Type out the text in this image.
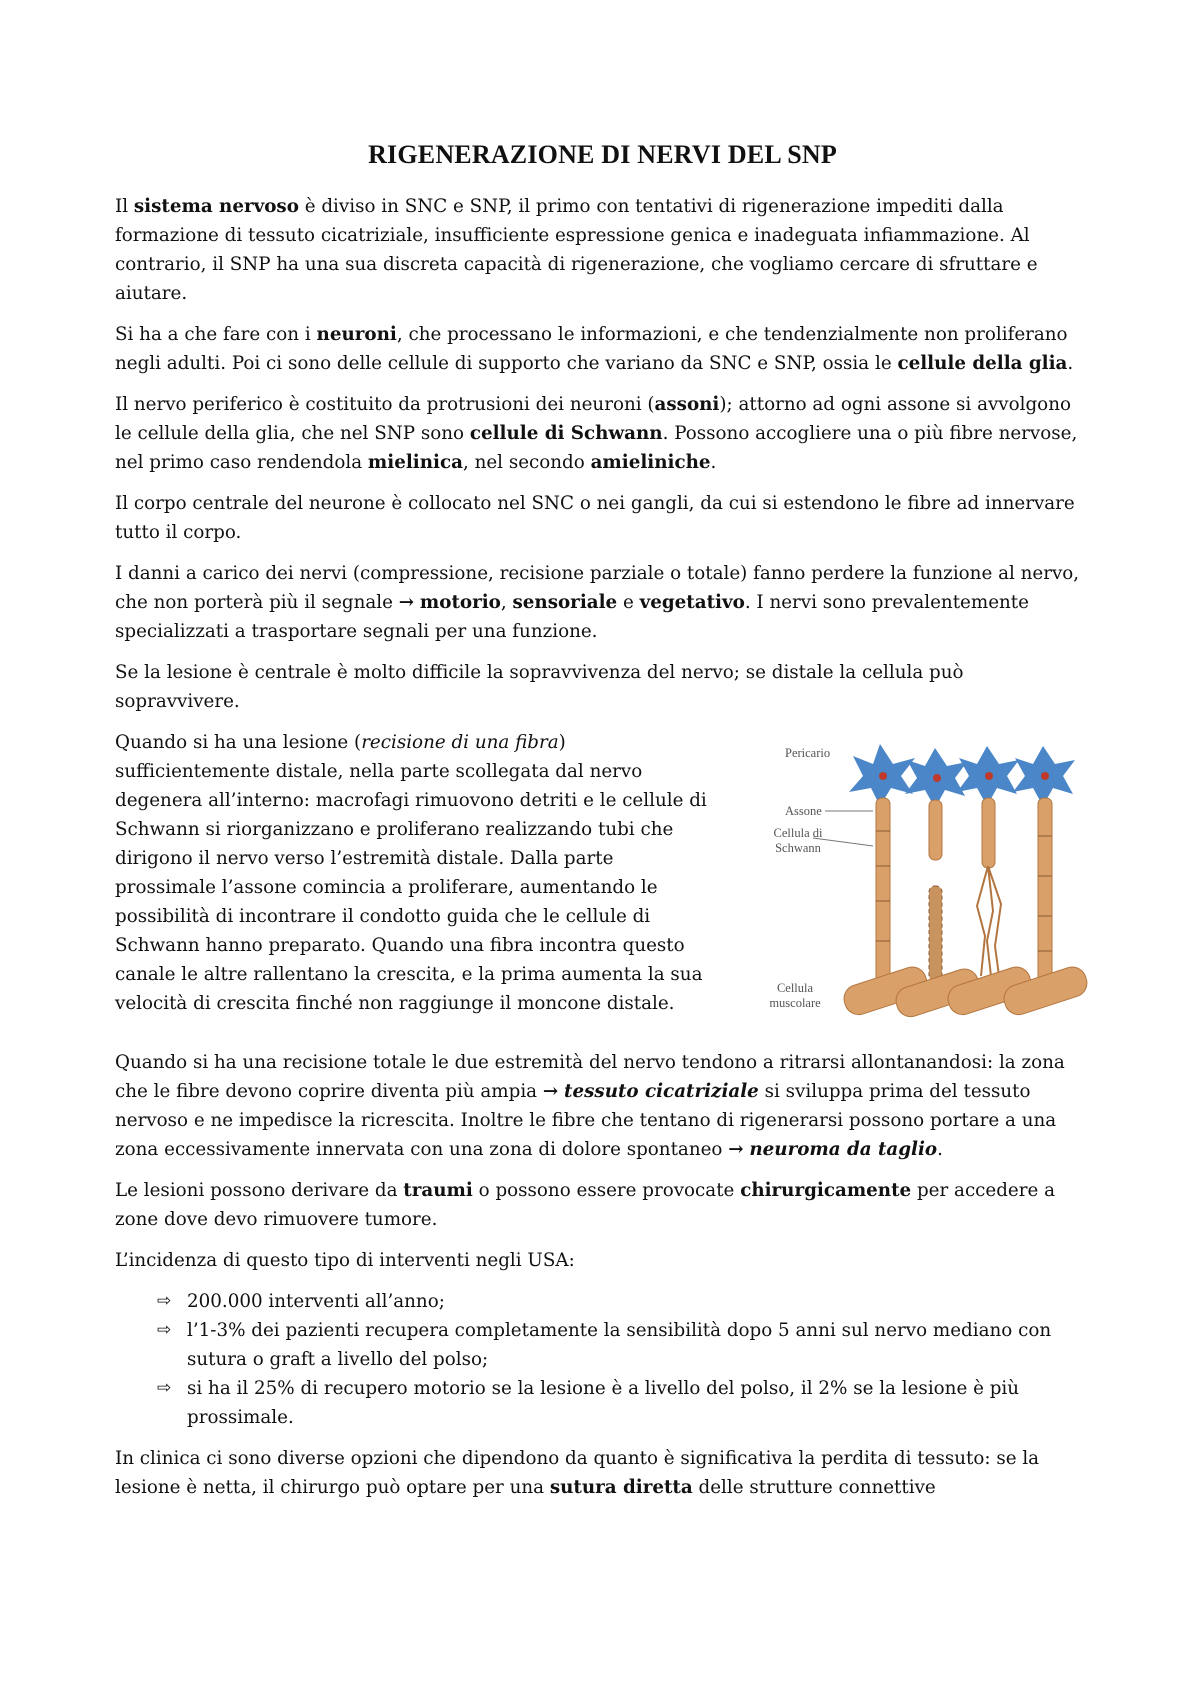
RIGENERAZIONE DI NERVI DEL SNP

Il sistema nervoso è diviso in SNC e SNP, il primo con tentativi di rigenerazione impediti dalla formazione di tessuto cicatriziale, insufficiente espressione genica e inadeguata infiammazione. Al contrario, il SNP ha una sua discreta capacità di rigenerazione, che vogliamo cercare di sfruttare e aiutare.

Si ha a che fare con i neuroni, che processano le informazioni, e che tendenzialmente non proliferano negli adulti. Poi ci sono delle cellule di supporto che variano da SNC e SNP, ossia le cellule della glia.

Il nervo periferico è costituito da protrusioni dei neuroni (assoni); attorno ad ogni assone si avvolgono le cellule della glia, che nel SNP sono cellule di Schwann. Possono accogliere una o più fibre nervose, nel primo caso rendendola mielinica, nel secondo amieliniche.

Il corpo centrale del neurone è collocato nel SNC o nei gangli, da cui si estendono le fibre ad innervare tutto il corpo.

I danni a carico dei nervi (compressione, recisione parziale o totale) fanno perdere la funzione al nervo, che non porterà più il segnale → motorio, sensoriale e vegetativo. I nervi sono prevalentemente specializzati a trasportare segnali per una funzione.

Se la lesione è centrale è molto difficile la sopravvivenza del nervo; se distale la cellula può sopravvivere.

Quando si ha una lesione (recisione di una fibra) sufficientemente distale, nella parte scollegata dal nervo degenera all’interno: macrofagi rimuovono detriti e le cellule di Schwann si riorganizzano e proliferano realizzando tubi che dirigono il nervo verso l’estremità distale. Dalla parte prossimale l’assone comincia a proliferare, aumentando le possibilità di incontrare il condotto guida che le cellule di Schwann hanno preparato. Quando una fibra incontra questo canale le altre rallentano la crescita, e la prima aumenta la sua velocità di crescita finché non raggiunge il moncone distale.

Pericario
Assone
Cellula di
Schwann
Cellula
muscolare

Quando si ha una recisione totale le due estremità del nervo tendono a ritrarsi allontanandosi: la zona che le fibre devono coprire diventa più ampia → tessuto cicatriziale si sviluppa prima del tessuto nervoso e ne impedisce la ricrescita. Inoltre le fibre che tentano di rigenerarsi possono portare a una zona eccessivamente innervata con una zona di dolore spontaneo → neuroma da taglio.

Le lesioni possono derivare da traumi o possono essere provocate chirurgicamente per accedere a zone dove devo rimuovere tumore.

L’incidenza di questo tipo di interventi negli USA:

⇨ 200.000 interventi all’anno;
⇨ l’1-3% dei pazienti recupera completamente la sensibilità dopo 5 anni sul nervo mediano con sutura o graft a livello del polso;
⇨ si ha il 25% di recupero motorio se la lesione è a livello del polso, il 2% se la lesione è più prossimale.

In clinica ci sono diverse opzioni che dipendono da quanto è significativa la perdita di tessuto: se la lesione è netta, il chirurgo può optare per una sutura diretta delle strutture connettive
